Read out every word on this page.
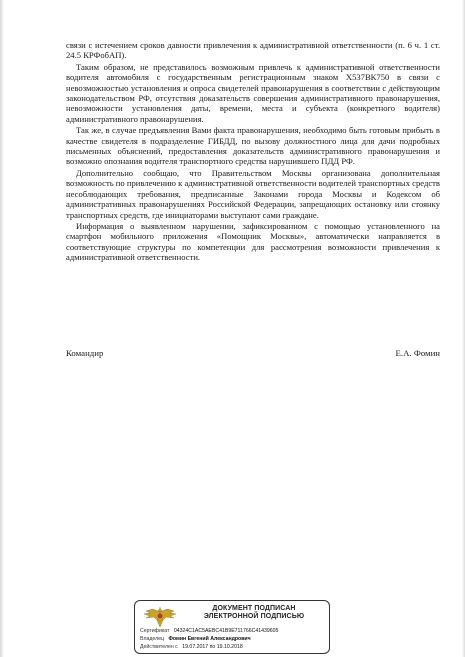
связи с истечением сроков давности привлечения к административной ответственности (п. 6 ч. 1 ст. 24.5 КРФобАП).

Таким образом, не представилось возможным привлечь к административной ответственности водителя автомобиля с государственным регистрационным знаком Х537ВК750 в связи с невозможностью установления и опроса свидетелей правонарушения в соответствии с действующим законодательством РФ, отсутствия доказательств совершения административного правонарушения, невозможности установления даты, времени, места и субъекта (конкретного водителя) административного правонарушения.

Так же, в случае предъявления Вами факта правонарушения, необходимо быть готовым прибыть в качестве свидетеля в подразделение ГИБДД, по вызову должностного лица для дачи подробных письменных объяснений, предоставления доказательств административного правонарушения и возможно опознания водителя транспортного средства нарушившего ПДД РФ.

Дополнительно сообщаю, что Правительством Москвы организована дополнительная возможность по привлечению к административной ответственности водителей транспортных средств несоблюдающих требования, предписанные Законами города Москвы и Кодексом об административных правонарушениях Российской Федерации, запрещающих остановку или стоянку транспортных средств, где инициаторами выступают сами граждане.

Информация о выявленном нарушении, зафиксированном с помощью установленного на смартфон мобильного приложения «Помощник Москвы», автоматически направляется в соответствующие структуры по компетенции для рассмотрения возможности привлечения к административной ответственности.

Командир	Е.А. Фомин
ДОКУМЕНТ ПОДПИСАН
ЭЛЕКТРОННОЙ ПОДПИСЬЮ
Сертификат 04324C1AC5AEBC41B9E711766C41439605
Владелец Фомин Евгений Александрович
Действителен с 19.07.2017 по 19.10.2018
